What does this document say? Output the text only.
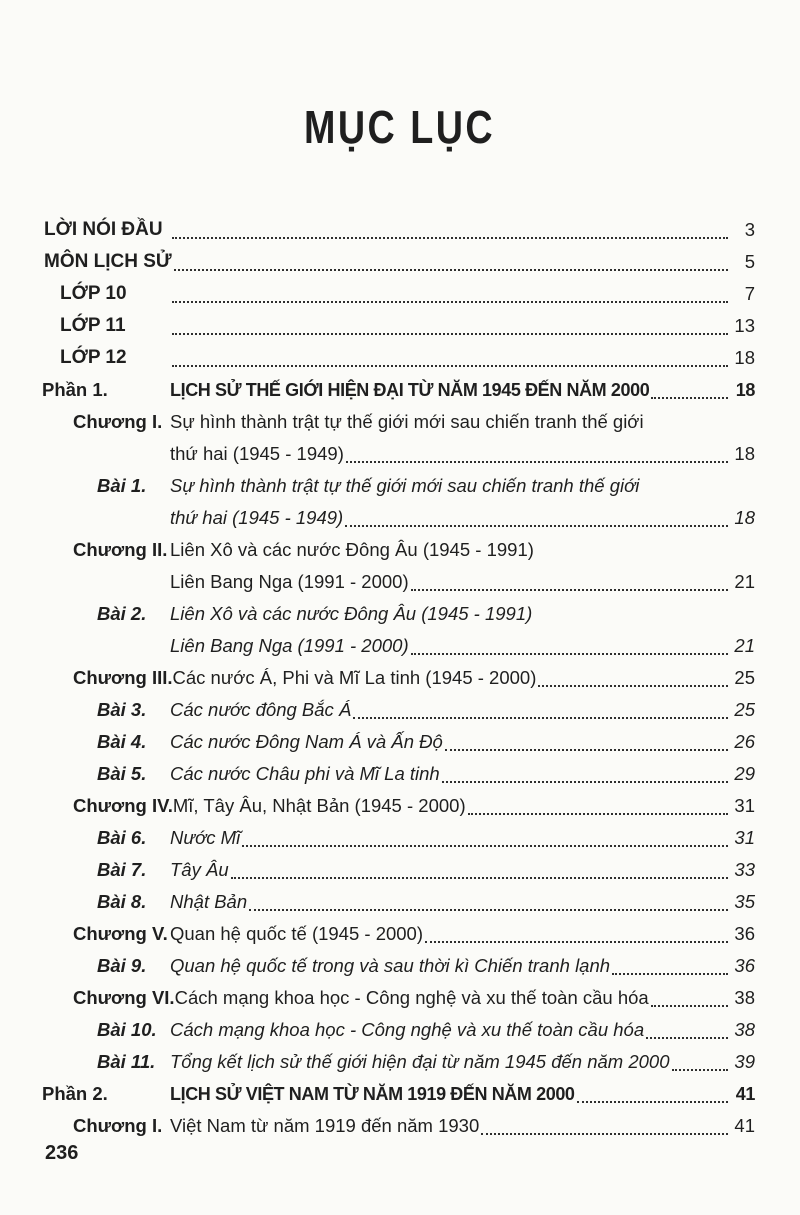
MỤC LỤC
LỜI NÓI ĐẦU	3
MÔN LỊCH SỬ	5
LỚP 10	7
LỚP 11	13
LỚP 12	18
Phần 1.	LỊCH SỬ THẾ GIỚI HIỆN ĐẠI TỪ NĂM 1945 ĐẾN NĂM 2000	18
Chương I. Sự hình thành trật tự thế giới mới sau chiến tranh thế giới
thứ hai (1945 - 1949)	18
Bài 1.	Sự hình thành trật tự thế giới mới sau chiến tranh thế giới
thứ hai (1945 - 1949)	18
Chương II. Liên Xô và các nước Đông Âu (1945 - 1991)
Liên Bang Nga (1991 - 2000)	21
Bài 2.	Liên Xô và các nước Đông Âu (1945 - 1991)
Liên Bang Nga (1991 - 2000)	21
Chương III. Các nước Á, Phi và Mĩ La tinh (1945 - 2000)	25
Bài 3.	Các nước đông Bắc Á	25
Bài 4.	Các nước Đông Nam Á và Ấn Độ	26
Bài 5.	Các nước Châu phi và Mĩ La tinh	29
Chương IV. Mĩ, Tây Âu, Nhật Bản (1945 - 2000)	31
Bài 6.	Nước Mĩ	31
Bài 7.	Tây Âu	33
Bài 8.	Nhật Bản	35
Chương V. Quan hệ quốc tế (1945 - 2000)	36
Bài 9.	Quan hệ quốc tế trong và sau thời kì Chiến tranh lạnh	36
Chương VI. Cách mạng khoa học - Công nghệ và xu thế toàn cầu hóa	38
Bài 10. Cách mạng khoa học - Công nghệ và xu thế toàn cầu hóa	38
Bài 11. Tổng kết lịch sử thế giới hiện đại từ năm 1945 đến năm 2000	39
Phần 2.	LỊCH SỬ VIỆT NAM TỪ NĂM 1919 ĐẾN NĂM 2000	41
Chương I. Việt Nam từ năm 1919 đến năm 1930	41
236
